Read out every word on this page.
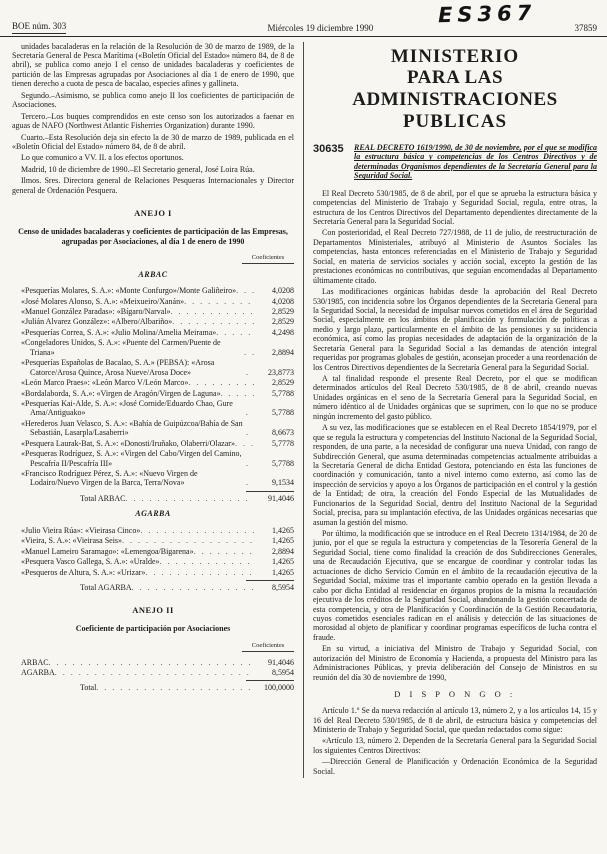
ES367
BOE núm. 303	Miércoles 19 diciembre 1990	37859

unidades bacaladeras en la relación de la Resolución de 30 de marzo de 1989, de la Secretaría General de Pesca Marítima («Boletín Oficial del Estado» número 84, de 8 de abril), se publica como anejo I el censo de unidades bacaladeras y coeficientes de partición de las Empresas agrupadas por Asociaciones al día 1 de enero de 1990, que tienen derecho a cuota de pesca de bacalao, especies afines y gallineta.

Segundo.–Asimismo, se publica como anejo II los coeficientes de participación de Asociaciones.

Tercero.–Los buques comprendidos en este censo son los autorizados a faenar en aguas de NAFO (Northwest Atlantic Fisherries Organization) durante 1990.

Cuarto.–Esta Resolución deja sin efecto la de 30 de marzo de 1989, publicada en el «Boletín Oficial del Estado» número 84, de 8 de abril.

Lo que comunico a VV. II. a los efectos oportunos.

Madrid, 10 de diciembre de 1990.–El Secretario general, José Loira Rúa.

Ilmos. Sres. Directora general de Relaciones Pesqueras Internacionales y Director general de Ordenación Pesquera.

ANEJO I
Censo de unidades bacaladeras y coeficientes de participación de las Empresas, agrupadas por Asociaciones, al día 1 de enero de 1990
Coeficientes
ARBAC
«Pesquerías Molares, S. A.»: «Monte Confurgo»/Monte Galiñeiro» . . .	4,0208
«José Molares Alonso, S. A.»: «Meixueiro/Xanán» . . .	4,0208
«Manuel González Paradas»: «Bígaro/Narval» . . .	2,8529
«Julián Alvarez González»: «Albero/Albariño» . . .	2,8529
«Pesquerías Correa, S. A.»: «Julio Molina/Amelia Meirama» . . .	4,2498
«Congeladores Unidos, S. A.»: «Puente del Carmen/Puente de Triana» . . .	2,8894
«Pesquerías Españolas de Bacalao, S. A.» (PEBSA): «Arosa Catorce/Arosa Quince, Arosa Nueve/Arosa Doce» . . .	23,8773
«León Marco Praes»: «León Marco V/León Marco» . . .	2,8529
«Bordalaborda, S. A.»: «Virgen de Aragón/Virgen de Laguna» . . .	5,7788
«Pesquerías Kai-Alde, S. A.»: «José Cornide/Eduardo Chao, Gure Ama/Antiguako» . . .	5,7788
«Herederos Juan Velasco, S. A.»: «Bahía de Guipúzcoa/Bahía de San Sebastián, Lasarpla/Lasaberri» . . .	8,6673
«Pesquera Laurak-Bat, S. A.»: «Donosti/Iruñako, Olaberri/Olazar» . . .	5,7778
«Pesqueras Rodríguez, S. A.»: «Virgen del Cabo/Virgen del Camino, Pescafría II/Pescafría III» . . .	5,7788
«Francisco Rodríguez Pérez, S. A.»: «Nuevo Virgen de Lodairo/Nuevo Virgen de la Barca, Terra/Nova» . . .	9,1534
Total ARBAC . . .	91,4046
AGARBA
«Julio Vieira Rúa»: «Vieirasa Cinco» . . .	1,4265
«Vieira, S. A.»: «Vieirasa Seis» . . .	1,4265
«Manuel Lameiro Saramago»: «Lemengoa/Bigarena» . . .	2,8894
«Pesquera Vasco Gallega, S. A.»: «Uralde» . . .	1,4265
«Pesqueros de Altura, S. A.»: «Urizar» . . .	1,4265
Total AGARBA . . .	8,5954
ANEJO II
Coeficiente de participación por Asociaciones
Coeficientes
ARBAC . . .	91,4046
AGARBA . . .	8,5954
Total . . .	100,0000
MINISTERIO
PARA LAS ADMINISTRACIONES
PUBLICAS
30635	REAL DECRETO 1619/1990, de 30 de noviembre, por el que se modifica la estructura básica y competencias de los Centros Directivos y de determinadas Organismos dependientes de la Secretaría General para la Seguridad Social.

El Real Decreto 530/1985, de 8 de abril, por el que se aprueba la estructura básica y competencias del Ministerio de Trabajo y Seguridad Social, regula, entre otras, la estructura de los Centros Directivos del Departamento dependientes directamente de la Secretaría General para la Seguridad Social.

Con posterioridad, el Real Decreto 727/1988, de 11 de julio, de reestructuración de Departamentos Ministeriales, atribuyó al Ministerio de Asuntos Sociales las competencias, hasta entonces referenciadas en el Ministerio de Trabajo y Seguridad Social, en materia de servicios sociales y acción social, excepto la gestión de las prestaciones económicas no contributivas, que seguían encomendadas al Departamento últimamente citado.

Las modificaciones orgánicas habidas desde la aprobación del Real Decreto 530/1985, con incidencia sobre los Órganos dependientes de la Secretaría General para la Seguridad Social, la necesidad de impulsar nuevos cometidos en el área de Seguridad Social, especialmente en los ámbitos de planificación y formulación de políticas a medio y largo plazo, particularmente en el ámbito de las pensiones y su incidencia económica, así como las propias necesidades de adaptación de la organización de la Secretaría General para la Seguridad Social a las demandas de atención integral requeridas por programas globales de gestión, aconsejan proceder a una reordenación de los Centros Directivos dependientes de la Secretaría General para la Seguridad Social.

A tal finalidad responde el presente Real Decreto, por el que se modifican determinados artículos del Real Decreto 530/1985, de 8 de abril, creando nuevas Unidades orgánicas en el seno de la Secretaría General para la Seguridad Social, en número idéntico al de Unidades orgánicas que se suprimen, con lo que no se produce ningún incremento del gasto público.

A su vez, las modificaciones que se establecen en el Real Decreto 1854/1979, por el que se regula la estructura y competencias del Instituto Nacional de la Seguridad Social, responden, de una parte, a la necesidad de configurar una nueva Unidad, con rango de Subdirección General, que asuma determinadas competencias actualmente atribuidas a la Secretaría General de dicha Entidad Gestora, potenciando en ésta las funciones de coordinación y comunicación, tanto a nivel interno como externo, así como las de inspección de servicios y apoyo a los Órganos de participación en el control y la gestión de la Entidad; de otra, la creación del Fondo Especial de las Mutualidades de Funcionarios de la Seguridad Social, dentro del Instituto Nacional de la Seguridad Social, precisa, para su implantación efectiva, de las Unidades orgánicas necesarias que asuman la gestión del mismo.

Por último, la modificación que se introduce en el Real Decreto 1314/1984, de 20 de junio, por el que se regula la estructura y competencias de la Tesorería General de la Seguridad Social, tiene como finalidad la creación de dos Subdirecciones Generales, una de Recaudación Ejecutiva, que se encargue de coordinar y controlar todas las actuaciones de dicho Servicio Común en el ámbito de la recaudación ejecutiva de la Seguridad Social, máxime tras el importante cambio operado en la gestión llevada a cabo por dicha Entidad al residenciar en órganos propios de la misma la recaudación ejecutiva de los créditos de la Seguridad Social, abandonando la gestión concertada de esta competencia, y otra de Planificación y Coordinación de la Gestión Recaudatoria, cuyos cometidos esenciales radican en el análisis y detección de las situaciones de morosidad al objeto de planificar y coordinar programas específicos de lucha contra el fraude.

En su virtud, a iniciativa del Ministro de Trabajo y Seguridad Social, con autorización del Ministro de Economía y Hacienda, a propuesta del Ministro para las Administraciones Públicas, y previa deliberación del Consejo de Ministros en su reunión del día 30 de noviembre de 1990,

D I S P O N G O :

Artículo 1.º Se da nueva redacción al artículo 13, número 2, y a los artículos 14, 15 y 16 del Real Decreto 530/1985, de 8 de abril, de estructura básica y competencias del Ministerio de Trabajo y Seguridad Social, que quedan redactados como sigue:

«Artículo 13, número 2. Dependen de la Secretaría General para la Seguridad Social los siguientes Centros Directivos:

—Dirección General de Planificación y Ordenación Económica de la Seguridad Social.
